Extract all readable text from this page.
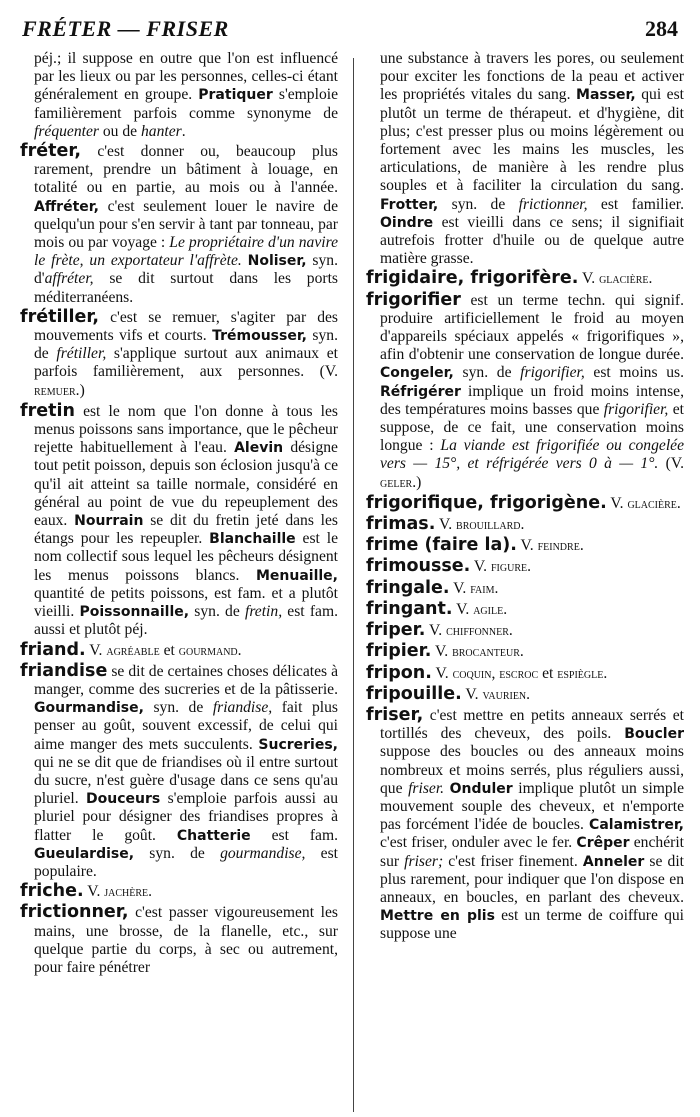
FRÉTER — FRISER	284

péj.; il suppose en outre que l'on est influencé par les lieux ou par les personnes, celles-ci étant généralement en groupe. Pratiquer s'emploie familièrement parfois comme synonyme de fréquenter ou de hanter.

fréter, c'est donner ou, beaucoup plus rarement, prendre un bâtiment à louage, en totalité ou en partie, au mois ou à l'année. Affréter, c'est seulement louer le navire de quelqu'un pour s'en servir à tant par tonneau, par mois ou par voyage : Le propriétaire d'un navire le frète, un exportateur l'affrète. Noliser, syn. d'affréter, se dit surtout dans les ports méditerranéens.

frétiller, c'est se remuer, s'agiter par des mouvements vifs et courts. Trémousser, syn. de frétiller, s'applique surtout aux animaux et parfois familièrement, aux personnes. (V. remuer.)

fretin est le nom que l'on donne à tous les menus poissons sans importance, que le pêcheur rejette habituellement à l'eau. Alevin désigne tout petit poisson, depuis son éclosion jusqu'à ce qu'il ait atteint sa taille normale, considéré en général au point de vue du repeuplement des eaux. Nourrain se dit du fretin jeté dans les étangs pour les repeupler. Blanchaille est le nom collectif sous lequel les pêcheurs désignent les menus poissons blancs. Menuaille, quantité de petits poissons, est fam. et a plutôt vieilli. Poissonnaille, syn. de fretin, est fam. aussi et plutôt péj.

friand. V. agréable et gourmand.

friandise se dit de certaines choses délicates à manger, comme des sucreries et de la pâtisserie. Gourmandise, syn. de friandise, fait plus penser au goût, souvent excessif, de celui qui aime manger des mets succulents. Sucreries, qui ne se dit que de friandises où il entre surtout du sucre, n'est guère d'usage dans ce sens qu'au pluriel. Douceurs s'emploie parfois aussi au pluriel pour désigner des friandises propres à flatter le goût. Chatterie est fam. Gueulardise, syn. de gourmandise, est populaire.

friche. V. jachère.

frictionner, c'est passer vigoureusement les mains, une brosse, de la flanelle, etc., sur quelque partie du corps, à sec ou autrement, pour faire pénétrer

une substance à travers les pores, ou seulement pour exciter les fonctions de la peau et activer les propriétés vitales du sang. Masser, qui est plutôt un terme de thérapeut. et d'hygiène, dit plus; c'est presser plus ou moins légèrement ou fortement avec les mains les muscles, les articulations, de manière à les rendre plus souples et à faciliter la circulation du sang. Frotter, syn. de frictionner, est familier. Oindre est vieilli dans ce sens; il signifiait autrefois frotter d'huile ou de quelque autre matière grasse.

frigidaire, frigorifère. V. glacière.

frigorifier est un terme techn. qui signif. produire artificiellement le froid au moyen d'appareils spéciaux appelés « frigorifiques », afin d'obtenir une conservation de longue durée. Congeler, syn. de frigorifier, est moins us. Réfrigérer implique un froid moins intense, des températures moins basses que frigorifier, et suppose, de ce fait, une conservation moins longue : La viande est frigorifiée ou congelée vers — 15°, et réfrigérée vers 0 à — 1°. (V. geler.)

frigorifique, frigorigène. V. glacière.

frimas. V. brouillard.

frime (faire la). V. feindre.

frimousse. V. figure.

fringale. V. faim.

fringant. V. agile.

friper. V. chiffonner.

fripier. V. brocanteur.

fripon. V. coquin, escroc et espiègle.

fripouille. V. vaurien.

friser, c'est mettre en petits anneaux serrés et tortillés des cheveux, des poils. Boucler suppose des boucles ou des anneaux moins nombreux et moins serrés, plus réguliers aussi, que friser. Onduler implique plutôt un simple mouvement souple des cheveux, et n'emporte pas forcément l'idée de boucles. Calamistrer, c'est friser, onduler avec le fer. Crêper enchérit sur friser; c'est friser finement. Anneler se dit plus rarement, pour indiquer que l'on dispose en anneaux, en boucles, en parlant des cheveux. Mettre en plis est un terme de coiffure qui suppose une
